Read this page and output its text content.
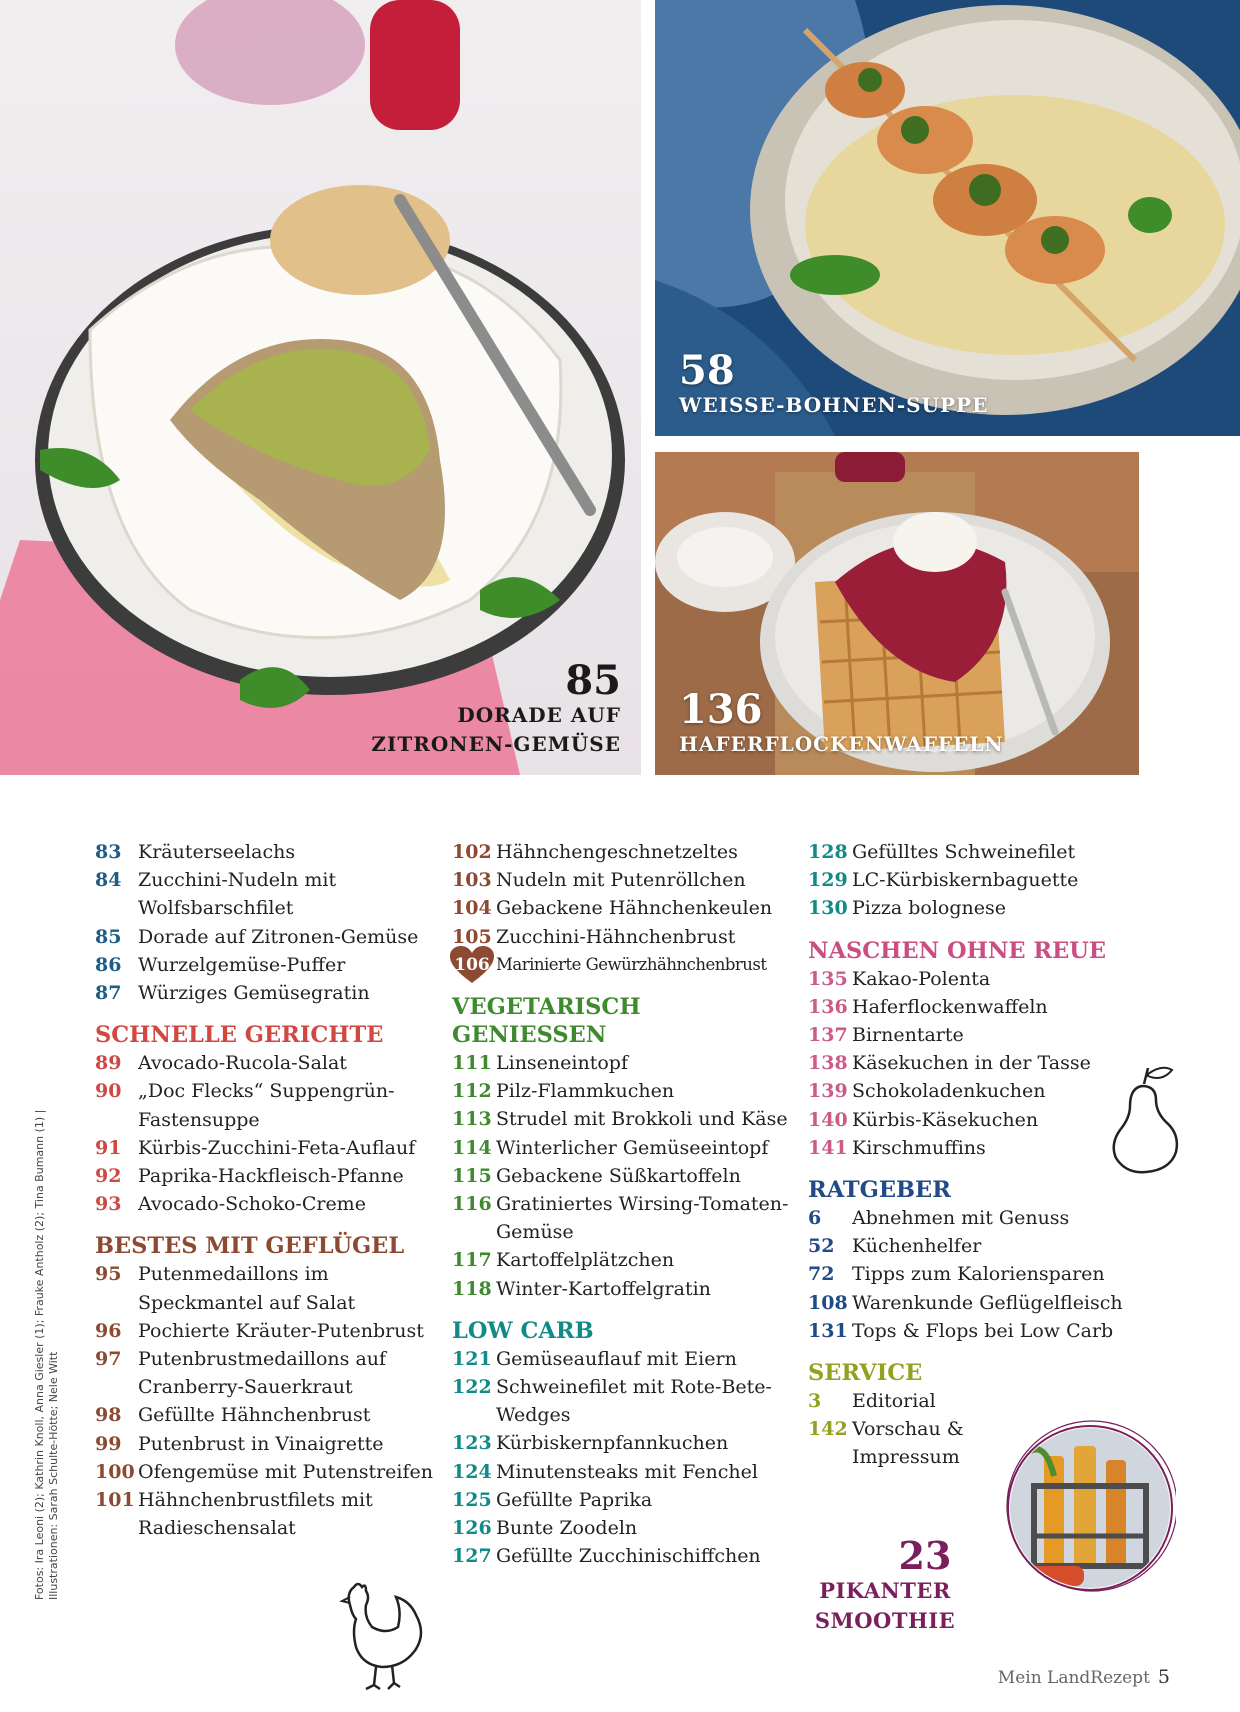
85
DORADE AUF
ZITRONEN-GEMÜSE
58
WEISSE-BOHNEN-SUPPE
136
HAFERFLOCKENWAFFELN
Fotos: Ira Leoni (2); Kathrin Knoll, Anna Giesler (1); Frauke Antholz (2); Tina Bumann (1) | Illustrationen: Sarah Schulte-Hötte; Nele Witt
83 Kräuterseelachs
84 Zucchini-Nudeln mit Wolfsbarschfilet
85 Dorade auf Zitronen-Gemüse
86 Wurzelgemüse-Puffer
87 Würziges Gemüsegratin
SCHNELLE GERICHTE
89 Avocado-Rucola-Salat
90 „Doc Flecks“ Suppengrün-Fastensuppe
91 Kürbis-Zucchini-Feta-Auflauf
92 Paprika-Hackfleisch-Pfanne
93 Avocado-Schoko-Creme
BESTES MIT GEFLÜGEL
95 Putenmedaillons im Speckmantel auf Salat
96 Pochierte Kräuter-Putenbrust
97 Putenbrustmedaillons auf Cranberry-Sauerkraut
98 Gefüllte Hähnchenbrust
99 Putenbrust in Vinaigrette
100 Ofengemüse mit Putenstreifen
101 Hähnchenbrustfilets mit Radieschensalat
102 Hähnchengeschnetzeltes
103 Nudeln mit Putenröllchen
104 Gebackene Hähnchenkeulen
105 Zucchini-Hähnchenbrust
106 Marinierte Gewürzhähnchenbrust
VEGETARISCH
GENIESSEN
111 Linseneintopf
112 Pilz-Flammkuchen
113 Strudel mit Brokkoli und Käse
114 Winterlicher Gemüseeintopf
115 Gebackene Süßkartoffeln
116 Gratiniertes Wirsing-Tomaten-Gemüse
117 Kartoffelplätzchen
118 Winter-Kartoffelgratin
LOW CARB
121 Gemüseauflauf mit Eiern
122 Schweinefilet mit Rote-Bete-Wedges
123 Kürbiskernpfannkuchen
124 Minutensteaks mit Fenchel
125 Gefüllte Paprika
126 Bunte Zoodeln
127 Gefüllte Zucchinischiffchen
128 Gefülltes Schweinefilet
129 LC-Kürbiskernbaguette
130 Pizza bolognese
NASCHEN OHNE REUE
135 Kakao-Polenta
136 Haferflockenwaffeln
137 Birnentarte
138 Käsekuchen in der Tasse
139 Schokoladenkuchen
140 Kürbis-Käsekuchen
141 Kirschmuffins
RATGEBER
6	Abnehmen mit Genuss
52 Küchenhelfer
72 Tipps zum Kaloriensparen
108 Warenkunde Geflügelfleisch
131 Tops & Flops bei Low Carb
SERVICE
3	Editorial
142 Vorschau & Impressum
23
PIKANTER
SMOOTHIE
Mein LandRezept 5
